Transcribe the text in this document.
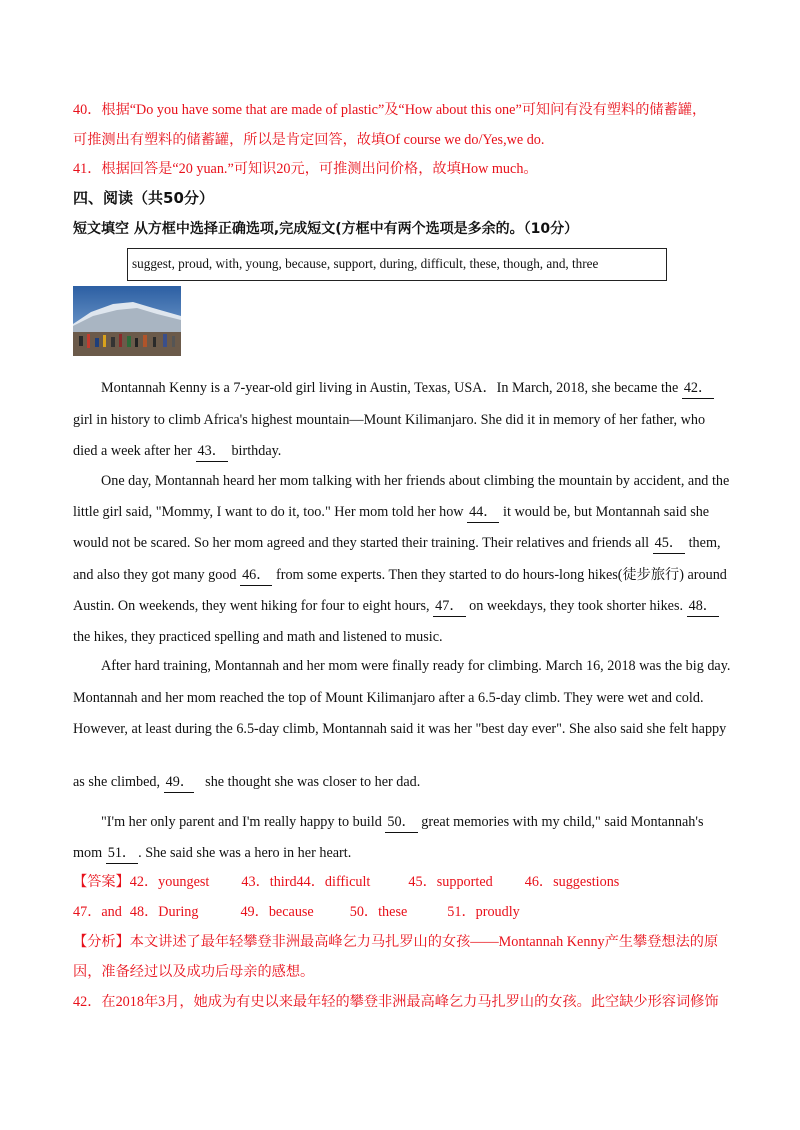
40．根据“Do you have some that are made of plastic”及“How about this one”可知问有没有塑料的储蓄罐，
可推测出有塑料的储蓄罐，所以是肯定回答，故填Of course we do/Yes,we do.
41．根据回答是“20 yuan.”可知识20元，可推测出问价格，故填How much。
四、阅读（共50分）
短文填空 从方框中选择正确选项,完成短文(方框中有两个选项是多余的。（10分）
suggest, proud, with, young, because, support, during, difficult, these, though, and, three
Montannah Kenny is a 7-year-old girl living in Austin, Texas, USA．In March, 2018, she became the 42．
girl in history to climb Africa's highest mountain—Mount Kilimanjaro. She did it in memory of her father, who
died a week after her 43． birthday.
One day, Montannah heard her mom talking with her friends about climbing the mountain by accident, and the
little girl said, "Mommy, I want to do it, too." Her mom told her how 44． it would be, but Montannah said she
would not be scared. So her mom agreed and they started their training. Their relatives and friends all 45． them,
and also they got many good 46． from some experts. Then they started to do hours-long hikes(徒步旅行) around
Austin. On weekends, they went hiking for four to eight hours, 47． on weekdays, they took shorter hikes. 48．
the hikes, they practiced spelling and math and listened to music.
After hard training, Montannah and her mom were finally ready for climbing. March 16, 2018 was the big day.
Montannah and her mom reached the top of Mount Kilimanjaro after a 6.5-day climb. They were wet and cold.
However, at least during the 6.5-day climb, Montannah said it was her "best day ever". She also said she felt happy
as she climbed, 49． she thought she was closer to her dad.
"I'm her only parent and I'm really happy to build 50． great memories with my child," said Montannah's
mom 51． . She said she was a hero in her heart.
【答案】42．youngest 43．third44．difficult	45．supported 46．suggestions
47．and 48．During	49．because	50．these	51．proudly
【分析】本文讲述了最年轻攀登非洲最高峰乞力马扎罗山的女孩——Montannah Kenny产生攀登想法的原
因，准备经过以及成功后母亲的感想。
42．在2018年3月，她成为有史以来最年轻的攀登非洲最高峰乞力马扎罗山的女孩。此空缺少形容词修饰
